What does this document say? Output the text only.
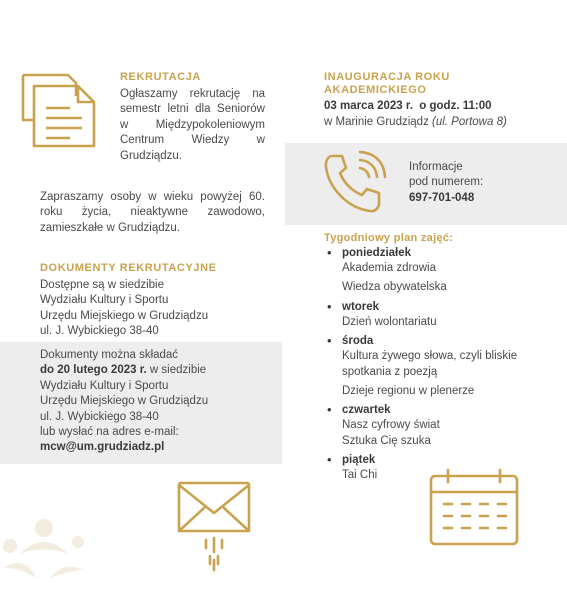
REKRUTACJA
Ogłaszamy rekrutację na semestr letni dla Seniorów w Międzypokoleniowym Centrum Wiedzy w Grudziądzu.
Zapraszamy osoby w wieku powyżej 60. roku życia, nieaktywne zawodowo, zamieszkałe w Grudziądzu.
DOKUMENTY REKRUTACYJNE
Dostępne są w siedzibie
Wydziału Kultury i Sportu
Urzędu Miejskiego w Grudziądzu
ul. J. Wybickiego 38-40
Dokumenty można składać
do 20 lutego 2023 r. w siedzibie
Wydziału Kultury i Sportu
Urzędu Miejskiego w Grudziądzu
ul. J. Wybickiego 38-40
lub wysłać na adres e-mail:
mcw@um.grudziadz.pl
INAUGURACJA ROKU
AKADEMICKIEGO
03 marca 2023 r.  o godz. 11:00
w Marinie Grudziądz (ul. Portowa 8)
Informacje
pod numerem:
697-701-048
Tygodniowy plan zajęć:
• poniedziałek
Akademia zdrowia
Wiedza obywatelska
• wtorek
Dzień wolontariatu
• środa
Kultura żywego słowa, czyli bliskie spotkania z poezją
Dzieje regionu w plenerze
• czwartek
Nasz cyfrowy świat
Sztuka Cię szuka
• piątek
Tai Chi
